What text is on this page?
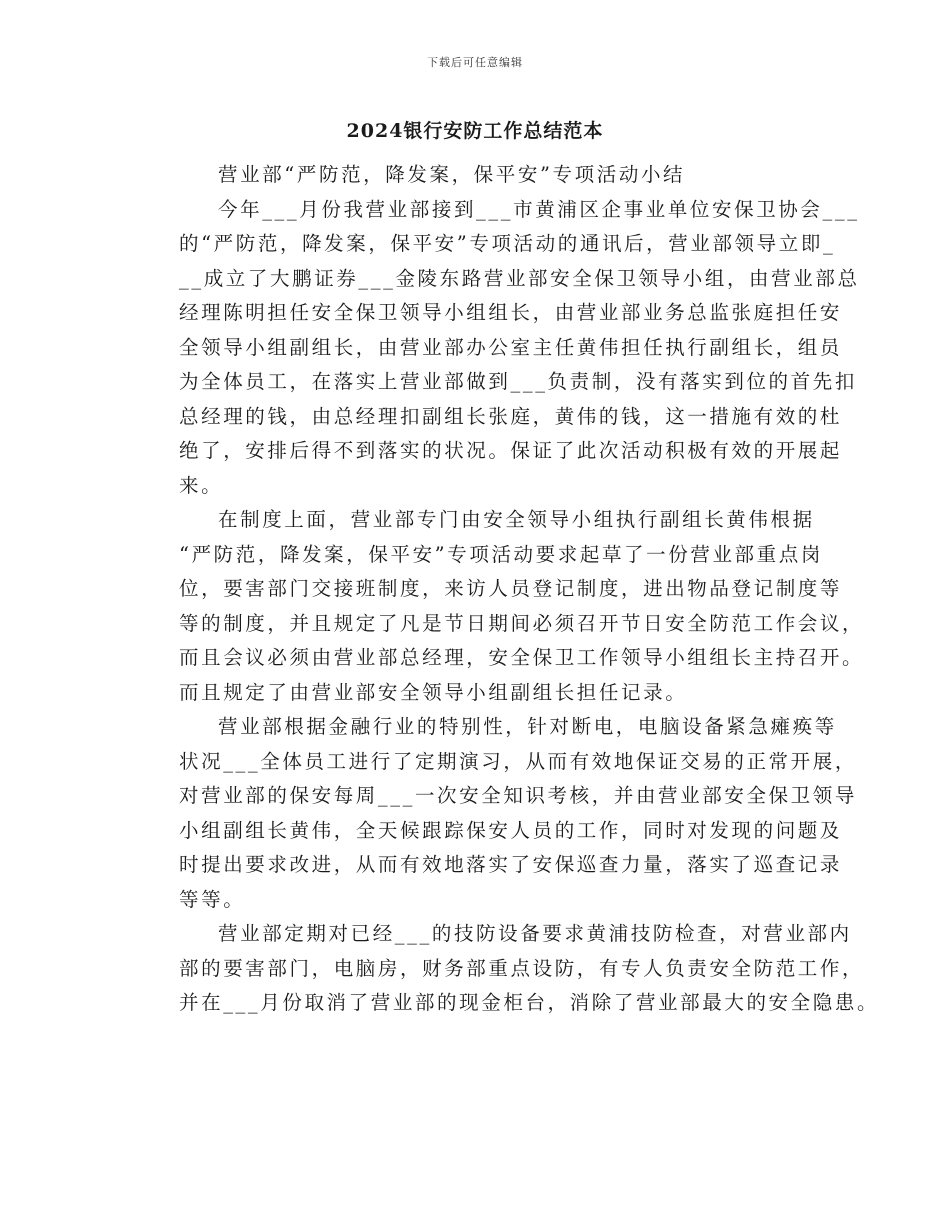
下载后可任意编辑
2024银行安防工作总结范本
营业部“严防范，降发案，保平安”专项活动小结
今年___月份我营业部接到___市黄浦区企事业单位安保卫协会___
的“严防范，降发案，保平安”专项活动的通讯后，营业部领导立即_
__成立了大鹏证券___金陵东路营业部安全保卫领导小组，由营业部总
经理陈明担任安全保卫领导小组组长，由营业部业务总监张庭担任安
全领导小组副组长，由营业部办公室主任黄伟担任执行副组长，组员
为全体员工，在落实上营业部做到___负责制，没有落实到位的首先扣
总经理的钱，由总经理扣副组长张庭，黄伟的钱，这一措施有效的杜
绝了，安排后得不到落实的状况。保证了此次活动积极有效的开展起
来。
在制度上面，营业部专门由安全领导小组执行副组长黄伟根据
“严防范，降发案，保平安”专项活动要求起草了一份营业部重点岗
位，要害部门交接班制度，来访人员登记制度，进出物品登记制度等
等的制度，并且规定了凡是节日期间必须召开节日安全防范工作会议，
而且会议必须由营业部总经理，安全保卫工作领导小组组长主持召开。
而且规定了由营业部安全领导小组副组长担任记录。
营业部根据金融行业的特别性，针对断电，电脑设备紧急瘫痪等
状况___全体员工进行了定期演习，从而有效地保证交易的正常开展，
对营业部的保安每周___一次安全知识考核，并由营业部安全保卫领导
小组副组长黄伟，全天候跟踪保安人员的工作，同时对发现的问题及
时提出要求改进，从而有效地落实了安保巡查力量，落实了巡查记录
等等。
营业部定期对已经___的技防设备要求黄浦技防检查，对营业部内
部的要害部门，电脑房，财务部重点设防，有专人负责安全防范工作，
并在___月份取消了营业部的现金柜台，消除了营业部最大的安全隐患。
